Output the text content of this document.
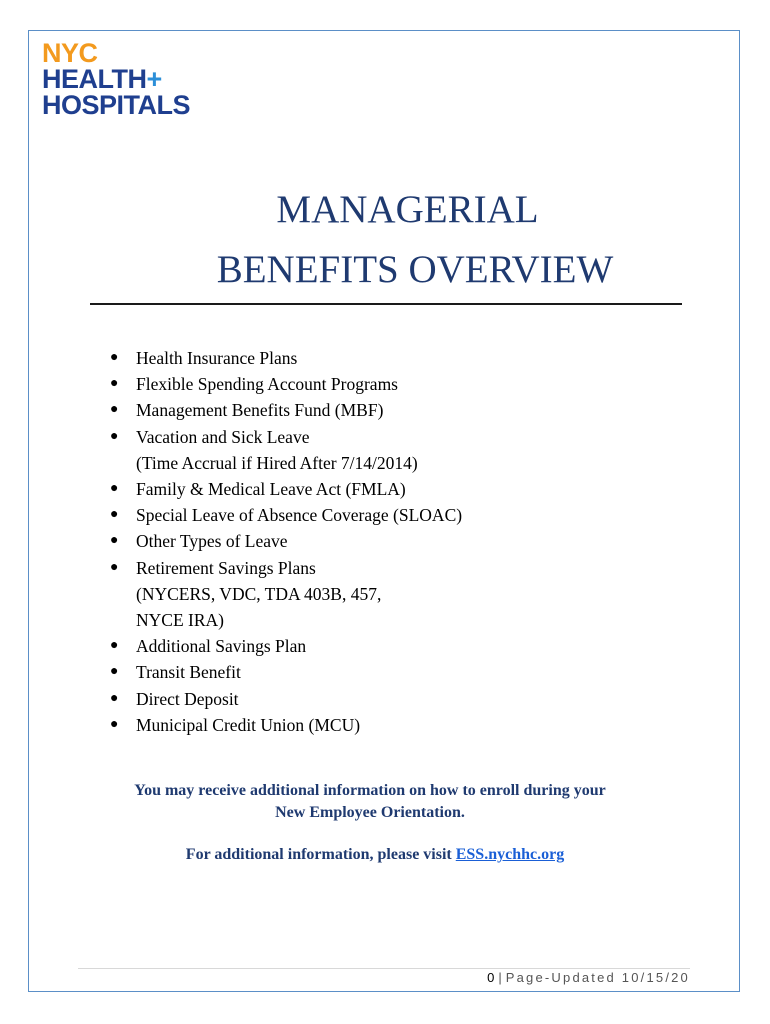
NYC
HEALTH+
HOSPITALS
MANAGERIAL
BENEFITS OVERVIEW
● Health Insurance Plans
● Flexible Spending Account Programs
● Management Benefits Fund (MBF)
● Vacation and Sick Leave
(Time Accrual if Hired After 7/14/2014)
● Family & Medical Leave Act (FMLA)
● Special Leave of Absence Coverage (SLOAC)
● Other Types of Leave
● Retirement Savings Plans
(NYCERS, VDC, TDA 403B, 457,
NYCE IRA)
● Additional Savings Plan
● Transit Benefit
● Direct Deposit
● Municipal Credit Union (MCU)
You may receive additional information on how to enroll during your
New Employee Orientation.
For additional information, please visit ESS.nychhc.org
0 | Page-Updated 10/15/20
